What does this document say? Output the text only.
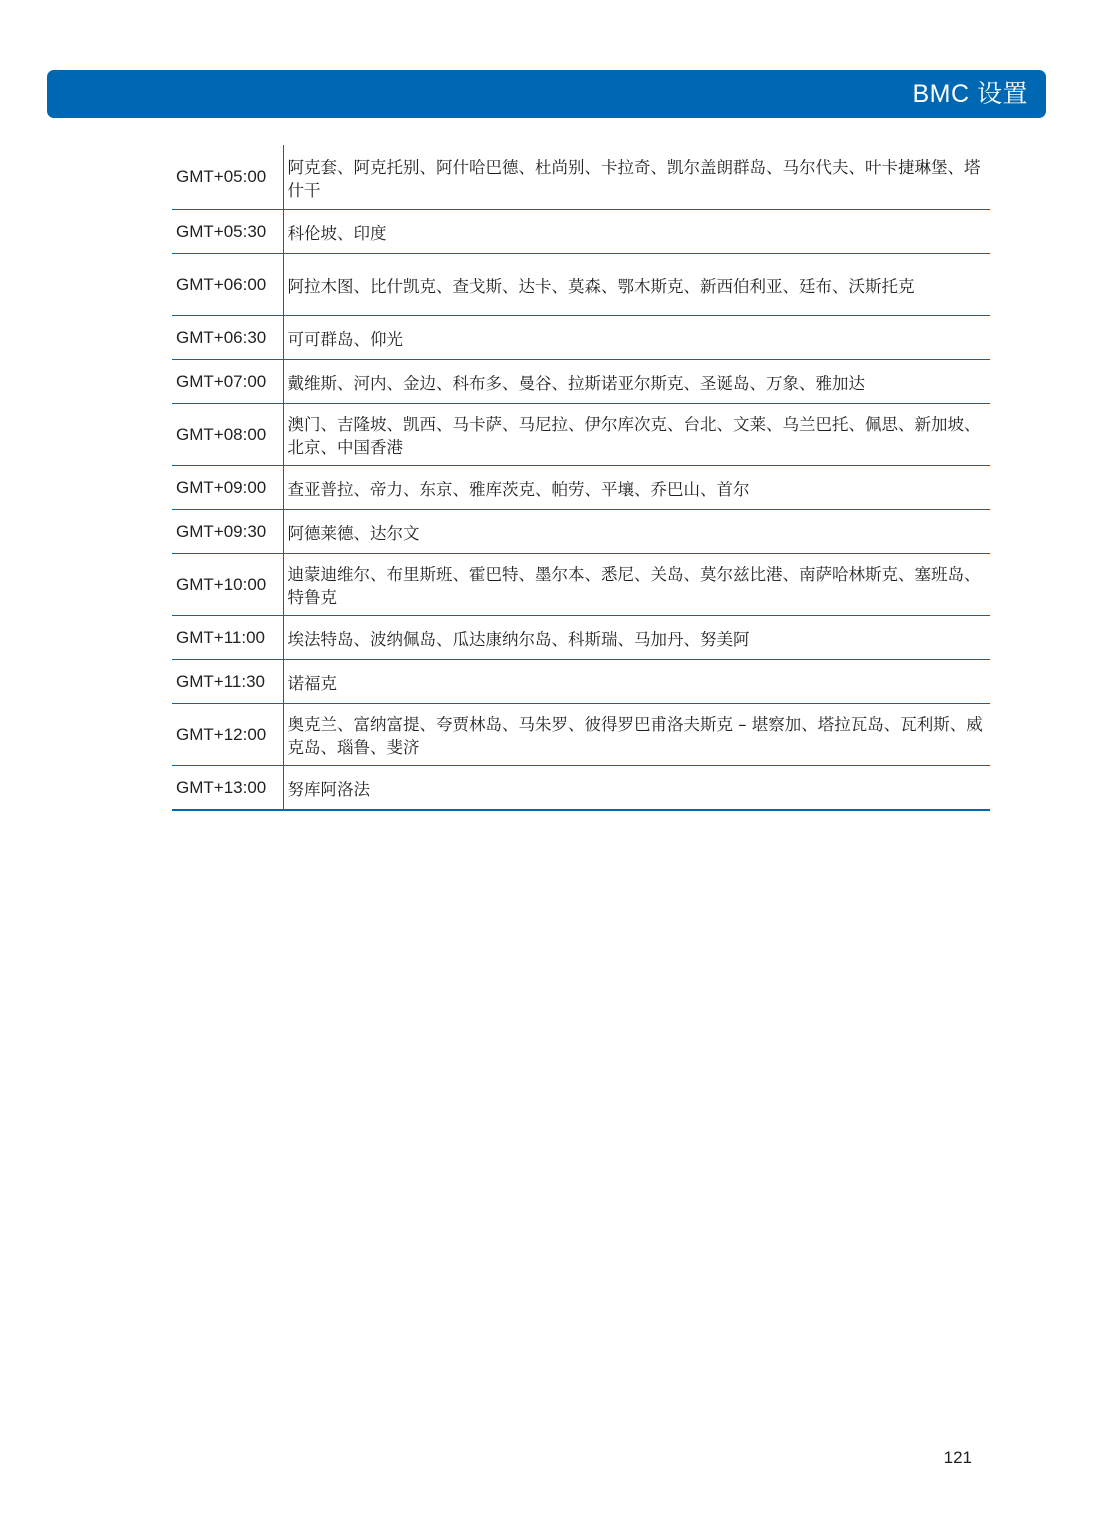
BMC 设置
GMT+05:00	阿克套、阿克托别、阿什哈巴德、杜尚别、卡拉奇、凯尔盖朗群岛、马尔代夫、叶卡捷琳堡、塔什干
GMT+05:30	科伦坡、印度
GMT+06:00	阿拉木图、比什凯克、查戈斯、达卡、莫森、鄂木斯克、新西伯利亚、廷布、沃斯托克
GMT+06:30	可可群岛、仰光
GMT+07:00	戴维斯、河内、金边、科布多、曼谷、拉斯诺亚尔斯克、圣诞岛、万象、雅加达
GMT+08:00	澳门、吉隆坡、凯西、马卡萨、马尼拉、伊尔库次克、台北、文莱、乌兰巴托、佩思、新加坡、北京、中国香港
GMT+09:00	查亚普拉、帝力、东京、雅库茨克、帕劳、平壤、乔巴山、首尔
GMT+09:30	阿德莱德、达尔文
GMT+10:00	迪蒙迪维尔、布里斯班、霍巴特、墨尔本、悉尼、关岛、莫尔兹比港、南萨哈林斯克、塞班岛、特鲁克
GMT+11:00	埃法特岛、波纳佩岛、瓜达康纳尔岛、科斯瑞、马加丹、努美阿
GMT+11:30	诺福克
GMT+12:00	奥克兰、富纳富提、夸贾林岛、马朱罗、彼得罗巴甫洛夫斯克 – 堪察加、塔拉瓦岛、瓦利斯、威克岛、瑙鲁、斐济
GMT+13:00	努库阿洛法
121
